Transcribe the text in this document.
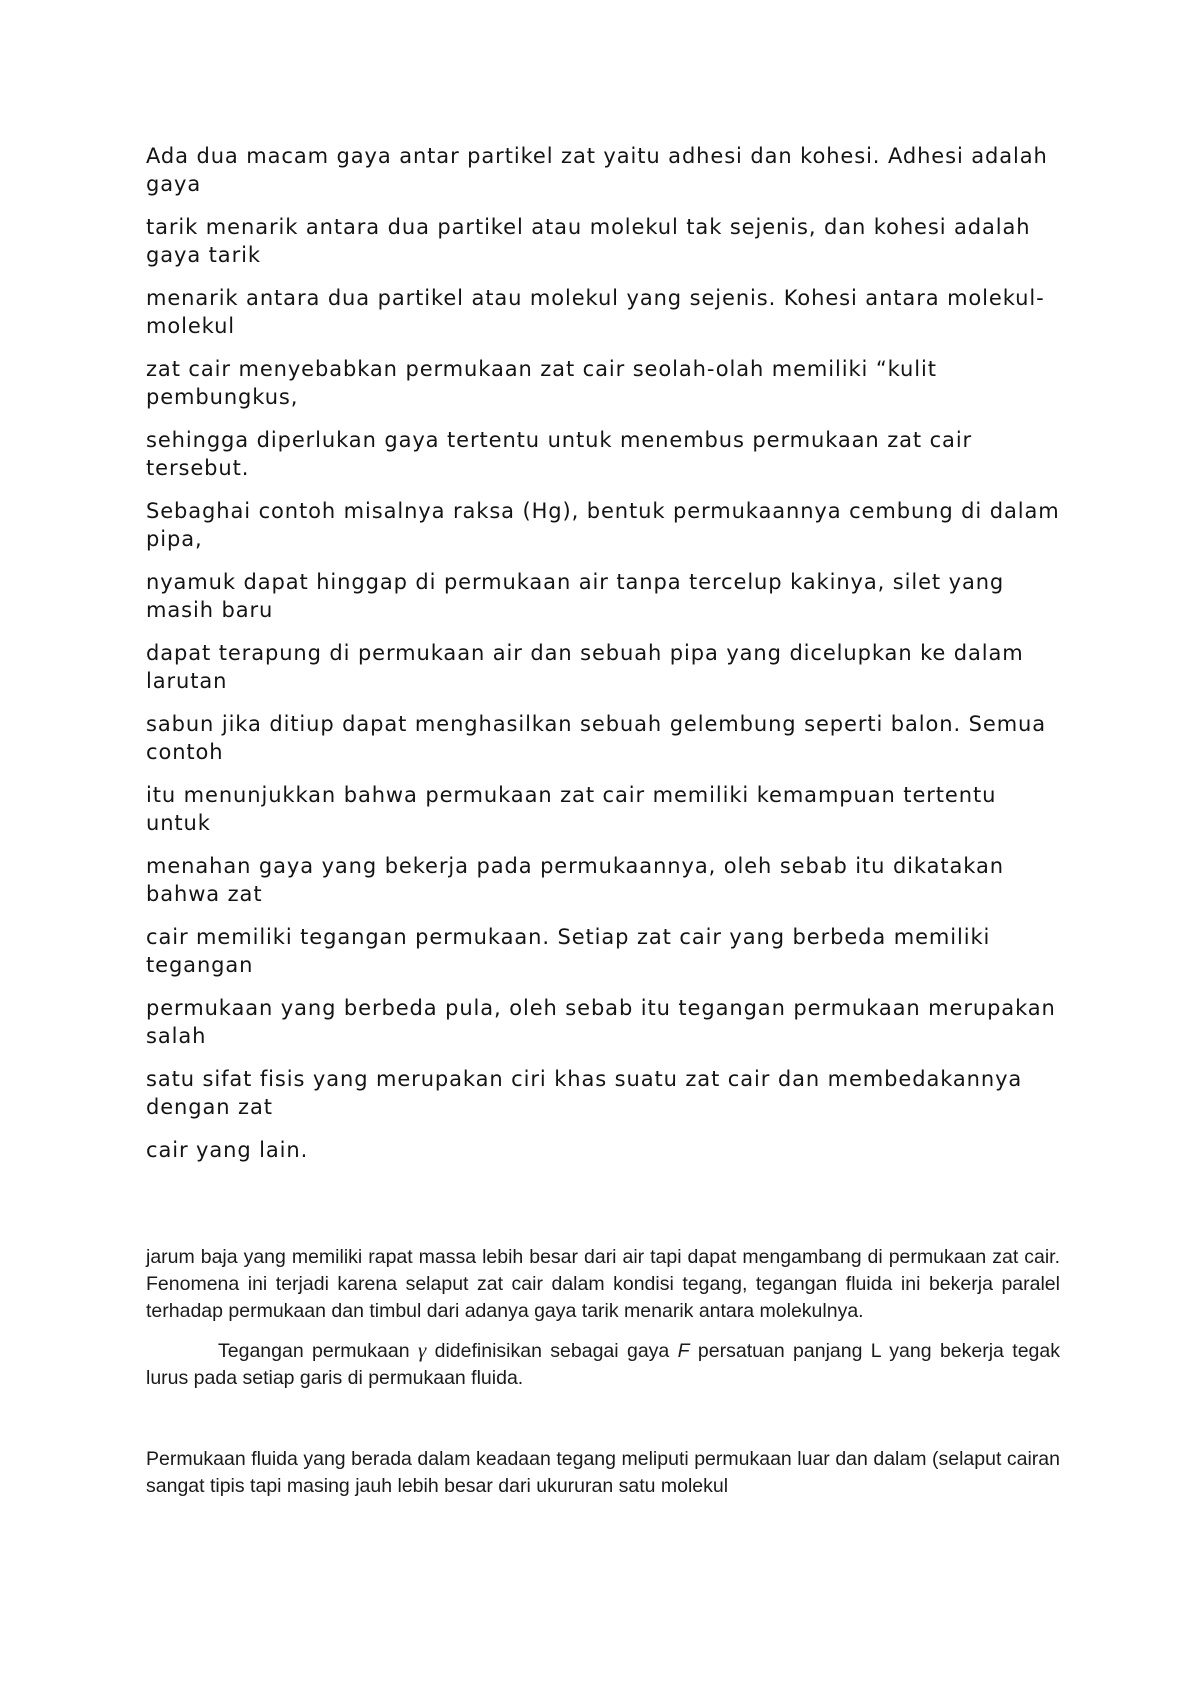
Ada dua macam gaya antar partikel zat yaitu adhesi dan kohesi. Adhesi adalah gaya

tarik menarik antara dua partikel atau molekul tak sejenis, dan kohesi adalah gaya tarik

menarik antara dua partikel atau molekul yang sejenis. Kohesi antara molekul-molekul

zat cair menyebabkan permukaan zat cair seolah-olah memiliki “kulit pembungkus,

sehingga diperlukan gaya tertentu untuk menembus permukaan zat cair tersebut.

Sebaghai contoh misalnya raksa (Hg), bentuk permukaannya cembung di dalam pipa,

nyamuk dapat hinggap di permukaan air tanpa tercelup kakinya, silet yang masih baru

dapat terapung di permukaan air dan sebuah pipa yang dicelupkan ke dalam larutan

sabun jika ditiup dapat menghasilkan sebuah gelembung seperti balon. Semua contoh

itu menunjukkan bahwa permukaan zat cair memiliki kemampuan tertentu untuk

menahan gaya yang bekerja pada permukaannya, oleh sebab itu dikatakan bahwa zat

cair memiliki tegangan permukaan. Setiap zat cair yang berbeda memiliki tegangan

permukaan yang berbeda pula, oleh sebab itu tegangan permukaan merupakan salah

satu sifat fisis yang merupakan ciri khas suatu zat cair dan membedakannya dengan zat

cair yang lain.

jarum baja yang memiliki rapat massa lebih besar dari air tapi dapat mengambang di permukaan zat cair. Fenomena ini terjadi karena selaput zat cair dalam kondisi tegang, tegangan fluida ini bekerja paralel terhadap permukaan dan timbul dari adanya gaya tarik menarik antara molekulnya.

Tegangan permukaan γ didefinisikan sebagai gaya F persatuan panjang L yang bekerja tegak lurus pada setiap garis di permukaan fluida.

Permukaan fluida yang berada dalam keadaan tegang meliputi permukaan luar dan dalam (selaput cairan sangat tipis tapi masing jauh lebih besar dari ukururan satu molekul
